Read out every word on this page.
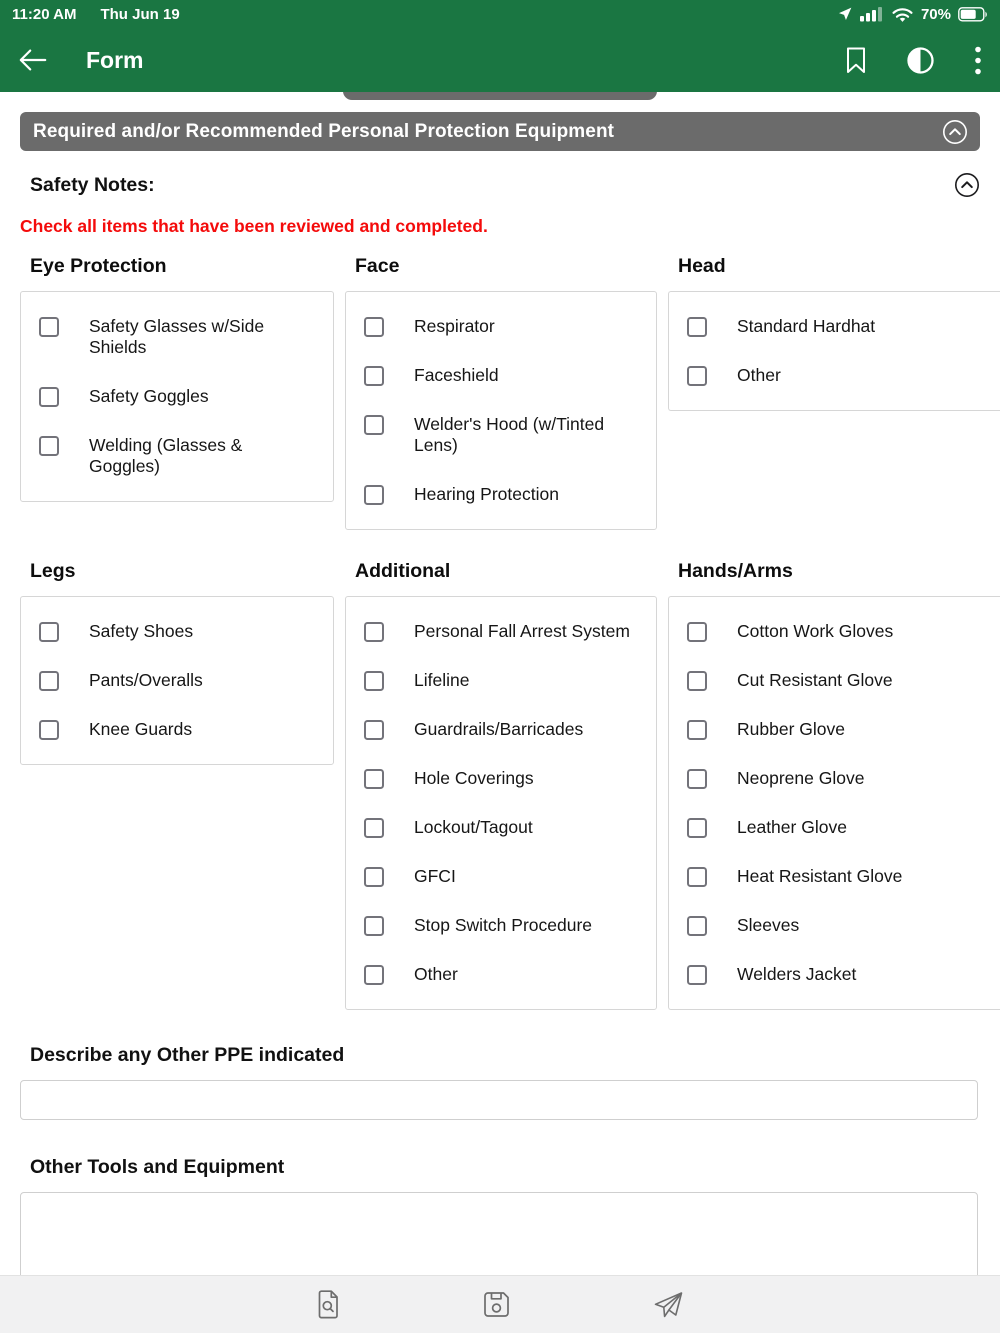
11:20 AM Thu Jun 19	70%
Form
Required and/or Recommended Personal Protection Equipment
Safety Notes:
Check all items that have been reviewed and completed.
Eye Protection
Safety Glasses w/Side Shields
Safety Goggles
Welding (Glasses & Goggles)
Face
Respirator
Faceshield
Welder's Hood (w/Tinted Lens)
Hearing Protection
Head
Standard Hardhat
Other
Legs
Safety Shoes
Pants/Overalls
Knee Guards
Additional
Personal Fall Arrest System
Lifeline
Guardrails/Barricades
Hole Coverings
Lockout/Tagout
GFCI
Stop Switch Procedure
Other
Hands/Arms
Cotton Work Gloves
Cut Resistant Glove
Rubber Glove
Neoprene Glove
Leather Glove
Heat Resistant Glove
Sleeves
Welders Jacket
Describe any Other PPE indicated
Other Tools and Equipment
